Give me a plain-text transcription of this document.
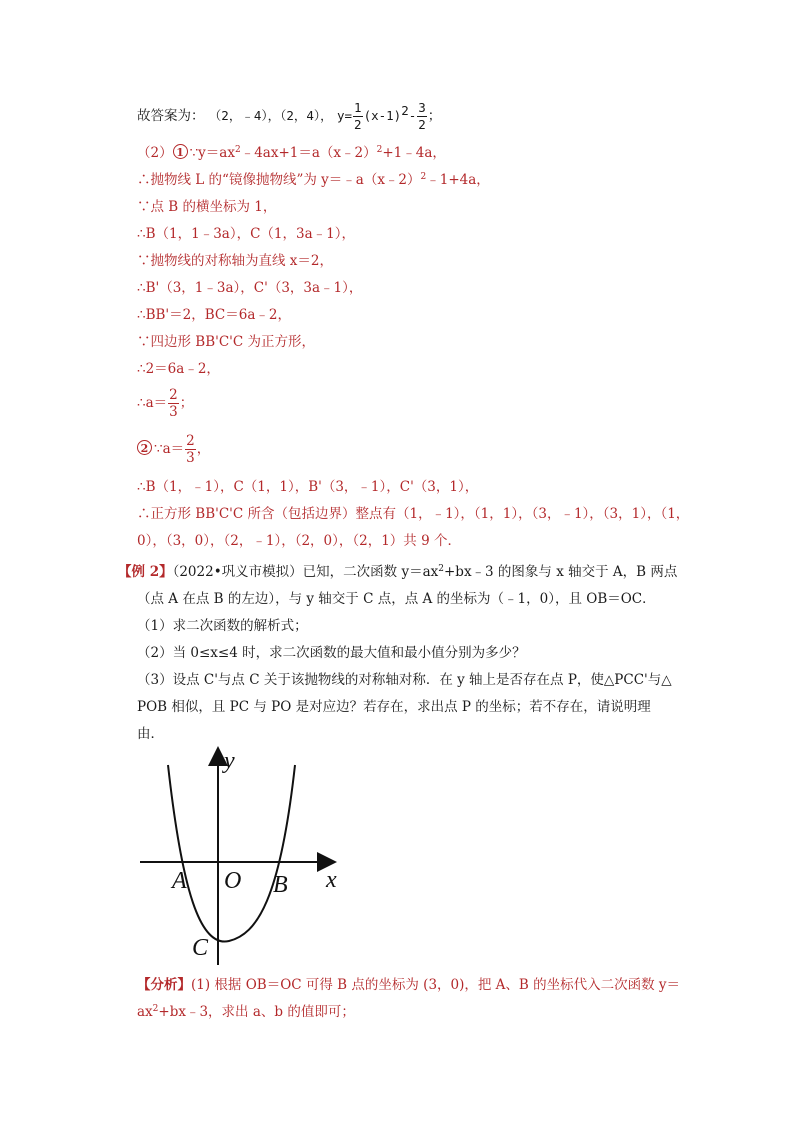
故答案为： （2，﹣4），（2，4）， $y= \frac{1}{2} (x-1)^2- \frac{3}{2}$ ；
（2） 1 $\because y=ax^2﹣4ax+1=a(x﹣2)^2+1﹣4a$，
∴抛物线 L 的“镜像抛物线”为 y＝﹣a（x﹣2）$^2$﹣1+4a，
∵点 B 的横坐标为 1，
∴B（1，1﹣3a），C（1，3a﹣1），
∵抛物线的对称轴为直线 x＝2，
∴B'（3，1﹣3a），C'（3，3a﹣1），
∴BB'＝2，BC＝6a﹣2，
∵四边形 BB'C'C 为正方形，
∴2＝6a﹣2，
∴a＝ $\frac{2}{3}$ ；
2 ∵a＝ $\frac{2}{3}$ ，
∴B（1，﹣1），C（1，1），B'（3，﹣1），C'（3，1），
∴正方形 BB'C'C 所含（包括边界）整点有（1，﹣1），（1，1），（3，﹣1），（3，1），（1，
0），（3，0），（2，﹣1），（2，0），（2，1）共 9 个．
【例 2】（2022•巩义市模拟）已知，二次函数 $y=ax^2+bx﹣3$ 的图象与 x 轴交于 A，B 两点
（点 A 在点 B 的左边），与 y 轴交于 C 点，点 A 的坐标为（﹣1，0），且 OB＝OC．
（1）求二次函数的解析式；
（2）当 0≤x≤4 时，求二次函数的最大值和最小值分别为多少？
（3）设点 C'与点 C 关于该抛物线的对称轴对称．在 y 轴上是否存在点 P，使△PCC'与△
POB 相似，且 PC 与 PO 是对应边？若存在，求出点 P 的坐标；若不存在，请说明理
由．
y
x
A O B
C
【分析】(1) 根据 OB＝OC 可得 B 点的坐标为 (3，0)，把 A、B 的坐标代入二次函数 y＝
$ax^2+bx﹣3$，求出 a、b 的值即可；
